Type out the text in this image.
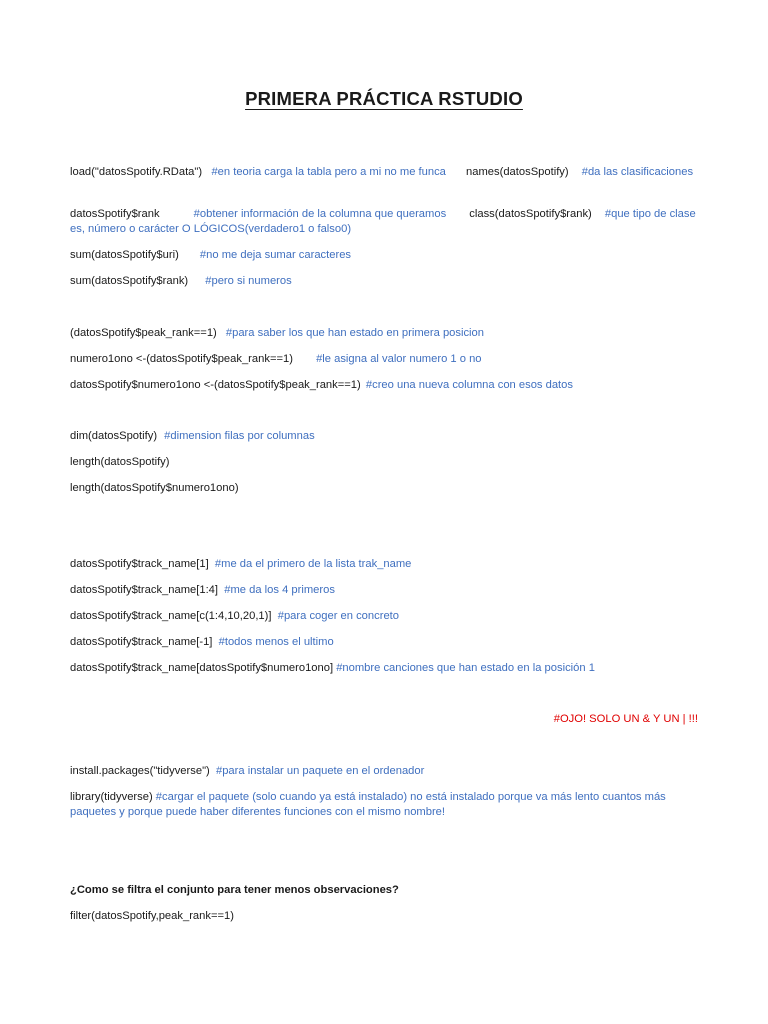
PRIMERA PRÁCTICA RSTUDIO
load("datosSpotify.RData") #en teoria carga la tabla pero a mi no me funca names(datosSpotify) #da las clasificaciones
datosSpotify$rank	#obtener información de la columna que queramos class(datosSpotify$rank) #que tipo de clase es, número o carácter O LÓGICOS(verdadero1 o falso0)
sum(datosSpotify$uri) #no me deja sumar caracteres
sum(datosSpotify$rank) #pero si numeros
(datosSpotify$peak_rank==1) #para saber los que han estado en primera posicion
numero1ono <-(datosSpotify$peak_rank==1) #le asigna al valor numero 1 o no
datosSpotify$numero1ono <-(datosSpotify$peak_rank==1) #creo una nueva columna con esos datos
dim(datosSpotify) #dimension filas por columnas
length(datosSpotify)
length(datosSpotify$numero1ono)
datosSpotify$track_name[1] #me da el primero de la lista trak_name
datosSpotify$track_name[1:4] #me da los 4 primeros
datosSpotify$track_name[c(1:4,10,20,1)] #para coger en concreto
datosSpotify$track_name[-1] #todos menos el ultimo
datosSpotify$track_name[datosSpotify$numero1ono] #nombre canciones que han estado en la posición 1
#OJO! SOLO UN & Y UN | !!!
install.packages("tidyverse") #para instalar un paquete en el ordenador
library(tidyverse) #cargar el paquete (solo cuando ya está instalado) no está instalado porque va más lento cuantos más paquetes y porque puede haber diferentes funciones con el mismo nombre!
¿Como se filtra el conjunto para tener menos observaciones?
filter(datosSpotify,peak_rank==1)
